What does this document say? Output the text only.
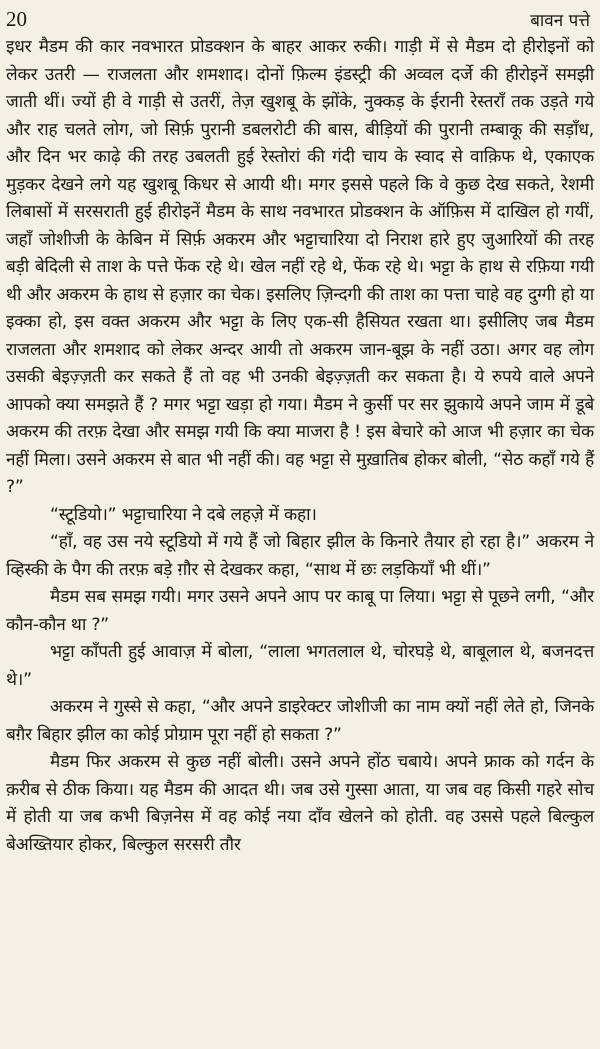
20	बावन पत्ते

इधर मैडम की कार नवभारत प्रोडक्शन के बाहर आकर रुकी। गाड़ी में से मैडम दो हीरोइनों को लेकर उतरी — राजलता और शमशाद। दोनों फ़िल्म इंडस्ट्री की अव्वल दर्जे की हीरोइनें समझी जाती थीं। ज्यों ही वे गाड़ी से उतरीं, तेज़ खुशबू के झोंके, नुक्कड़ के ईरानी रेस्तराँ तक उड़ते गये और राह चलते लोग, जो सिर्फ़ पुरानी डबलरोटी की बास, बीड़ियों की पुरानी तम्बाकू की सड़ाँध, और दिन भर काढ़े की तरह उबलती हुई रेस्तोरां की गंदी चाय के स्वाद से वाक़िफ थे, एकाएक मुड़कर देखने लगे यह खुशबू किधर से आयी थी। मगर इससे पहले कि वे कुछ देख सकते, रेशमी लिबासों में सरसराती हुई हीरोइनें मैडम के साथ नवभारत प्रोडक्शन के ऑफ़िस में दाखिल हो गयीं, जहाँ जोशीजी के केबिन में सिर्फ़ अकरम और भट्टाचारिया दो निराश हारे हुए जुआरियों की तरह बड़ी बेदिली से ताश के पत्ते फेंक रहे थे। खेल नहीं रहे थे, फेंक रहे थे। भट्टा के हाथ से रफ़िया गयी थी और अकरम के हाथ से हज़ार का चेक। इसलिए ज़िन्दगी की ताश का पत्ता चाहे वह दुग्गी हो या इक्का हो, इस वक्त अकरम और भट्टा के लिए एक-सी हैसियत रखता था। इसीलिए जब मैडम राजलता और शमशाद को लेकर अन्दर आयी तो अकरम जान-बूझ के नहीं उठा। अगर वह लोग उसकी बेइज़्ज़ती कर सकते हैं तो वह भी उनकी बेइज़्ज़ती कर सकता है। ये रुपये वाले अपने आपको क्या समझते हैं ? मगर भट्टा खड़ा हो गया। मैडम ने कुर्सी पर सर झुकाये अपने जाम में डूबे अकरम की तरफ़ देखा और समझ गयी कि क्या माजरा है ! इस बेचारे को आज भी हज़ार का चेक नहीं मिला। उसने अकरम से बात भी नहीं की। वह भट्टा से मुख़ातिब होकर बोली, “सेठ कहाँ गये हैं ?”

“स्टूडियो।” भट्टाचारिया ने दबे लहज़े में कहा।

“हाँ, वह उस नये स्टूडियो में गये हैं जो बिहार झील के किनारे तैयार हो रहा है।” अकरम ने व्हिस्की के पैग की तरफ़ बड़े ग़ौर से देखकर कहा, “साथ में छः लड़कियाँ भी थीं।”

मैडम सब समझ गयी। मगर उसने अपने आप पर काबू पा लिया। भट्टा से पूछने लगी, “और कौन-कौन था ?”

भट्टा काँपती हुई आवाज़ में बोला, “लाला भगतलाल थे, चोरघड़े थे, बाबूलाल थे, बजनदत्त थे।”

अकरम ने गुस्से से कहा, “और अपने डाइरेक्टर जोशीजी का नाम क्यों नहीं लेते हो, जिनके बग़ैर बिहार झील का कोई प्रोग्राम पूरा नहीं हो सकता ?”

मैडम फिर अकरम से कुछ नहीं बोली। उसने अपने होंठ चबाये। अपने फ्राक को गर्दन के क़रीब से ठीक किया। यह मैडम की आदत थी। जब उसे गुस्सा आता, या जब वह किसी गहरे सोच में होती या जब कभी बिज़नेस में वह कोई नया दाँव खेलने को होती. वह उससे पहले बिल्कुल बेअख्तियार होकर, बिल्कुल सरसरी तौर
